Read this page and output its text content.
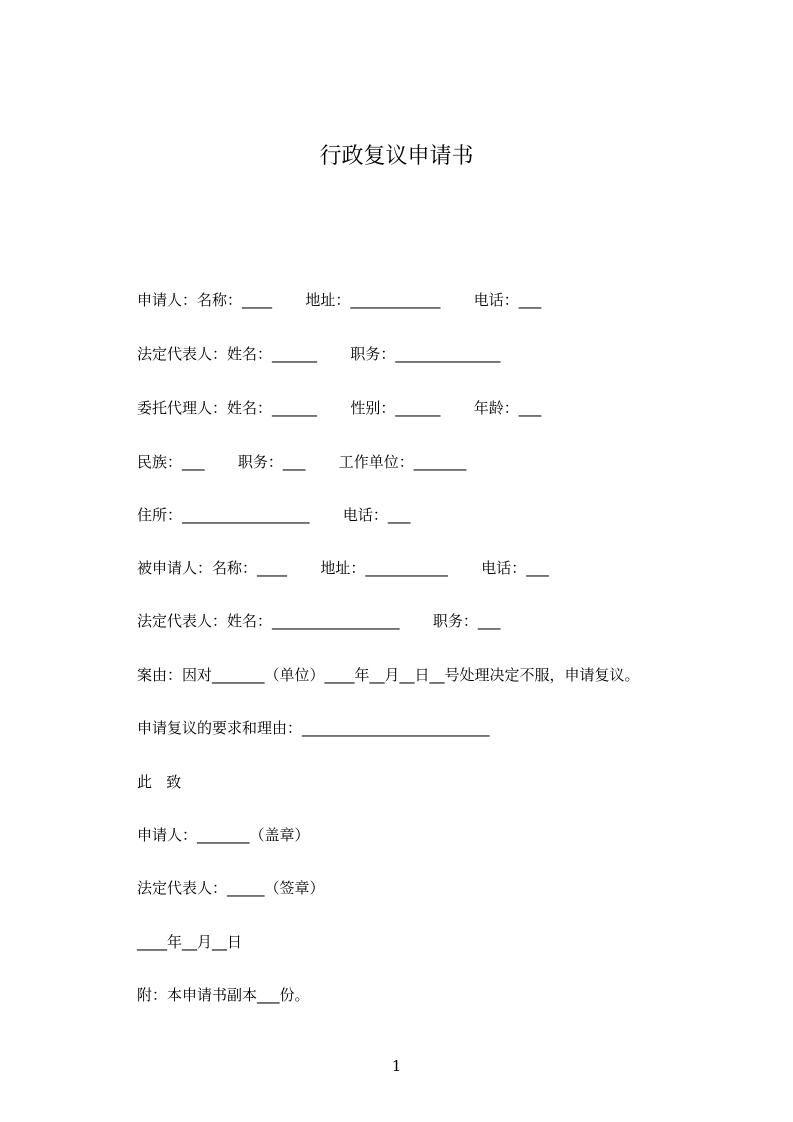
行政复议申请书
申请人：名称：____       地址：____________       电话：___
法定代表人：姓名：______       职务：______________
委托代理人：姓名：______       性别：______       年龄：___
民族：___       职务：___       工作单位：_______
住所：_________________       电话：___
被申请人：名称：____       地址：___________       电话：___
法定代表人：姓名：_________________       职务：___
案由：因对_______（单位）____年__月__日__号处理决定不服，申请复议。
申请复议的要求和理由：_________________________
此   致
申请人：_______（盖章）
法定代表人：_____（签章）
____年__月__日
附：本申请书副本___份。
1
